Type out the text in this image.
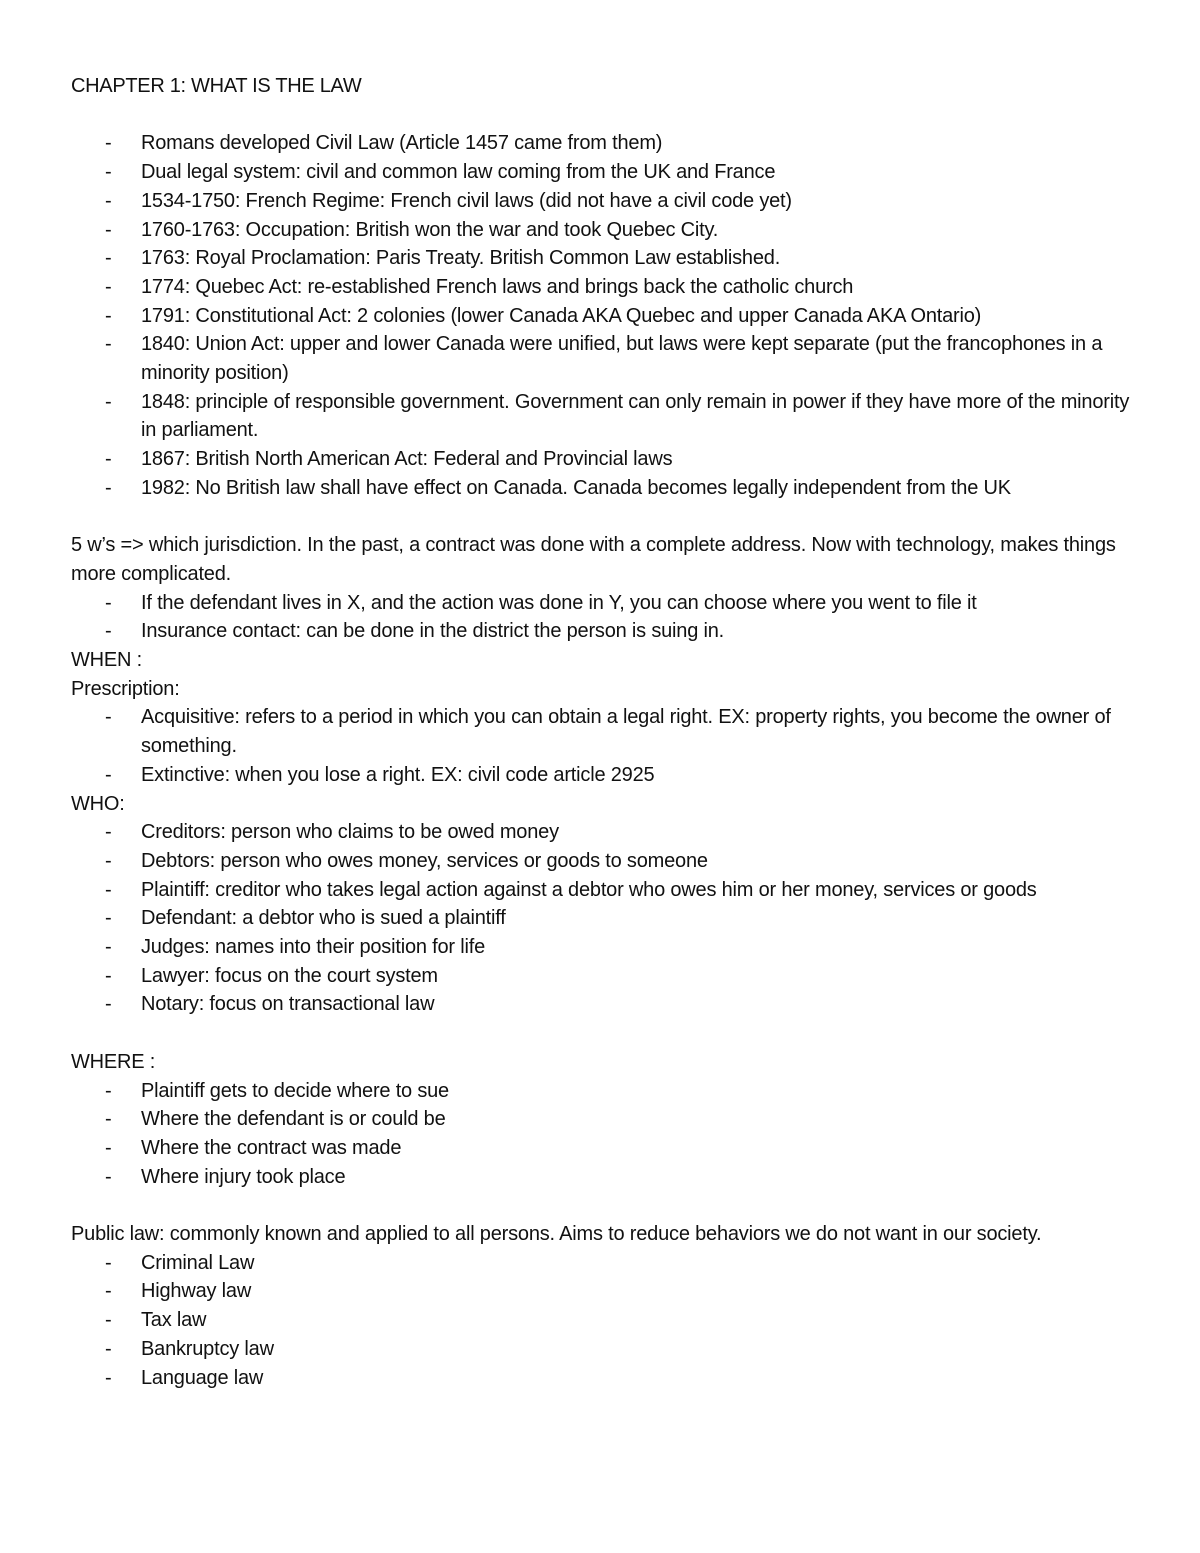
CHAPTER 1: WHAT IS THE LAW

- Romans developed Civil Law (Article 1457 came from them)
- Dual legal system: civil and common law coming from the UK and France
- 1534-1750: French Regime: French civil laws (did not have a civil code yet)
- 1760-1763: Occupation: British won the war and took Quebec City.
- 1763: Royal Proclamation: Paris Treaty. British Common Law established.
- 1774: Quebec Act: re-established French laws and brings back the catholic church
- 1791: Constitutional Act: 2 colonies (lower Canada AKA Quebec and upper Canada AKA Ontario)
- 1840: Union Act: upper and lower Canada were unified, but laws were kept separate (put the francophones in a minority position)
- 1848: principle of responsible government. Government can only remain in power if they have more of the minority in parliament.
- 1867: British North American Act: Federal and Provincial laws
- 1982: No British law shall have effect on Canada. Canada becomes legally independent from the UK

5 w’s => which jurisdiction. In the past, a contract was done with a complete address. Now with technology, makes things more complicated.

- If the defendant lives in X, and the action was done in Y, you can choose where you went to file it
- Insurance contact: can be done in the district the person is suing in.

WHEN :

Prescription:

- Acquisitive: refers to a period in which you can obtain a legal right. EX: property rights, you become the owner of something.
- Extinctive: when you lose a right. EX: civil code article 2925

WHO:

- Creditors: person who claims to be owed money
- Debtors: person who owes money, services or goods to someone
- Plaintiff: creditor who takes legal action against a debtor who owes him or her money, services or goods
- Defendant: a debtor who is sued a plaintiff
- Judges: names into their position for life
- Lawyer: focus on the court system
- Notary: focus on transactional law

WHERE :

- Plaintiff gets to decide where to sue
- Where the defendant is or could be
- Where the contract was made
- Where injury took place

Public law: commonly known and applied to all persons. Aims to reduce behaviors we do not want in our society.

- Criminal Law
- Highway law
- Tax law
- Bankruptcy law
- Language law
